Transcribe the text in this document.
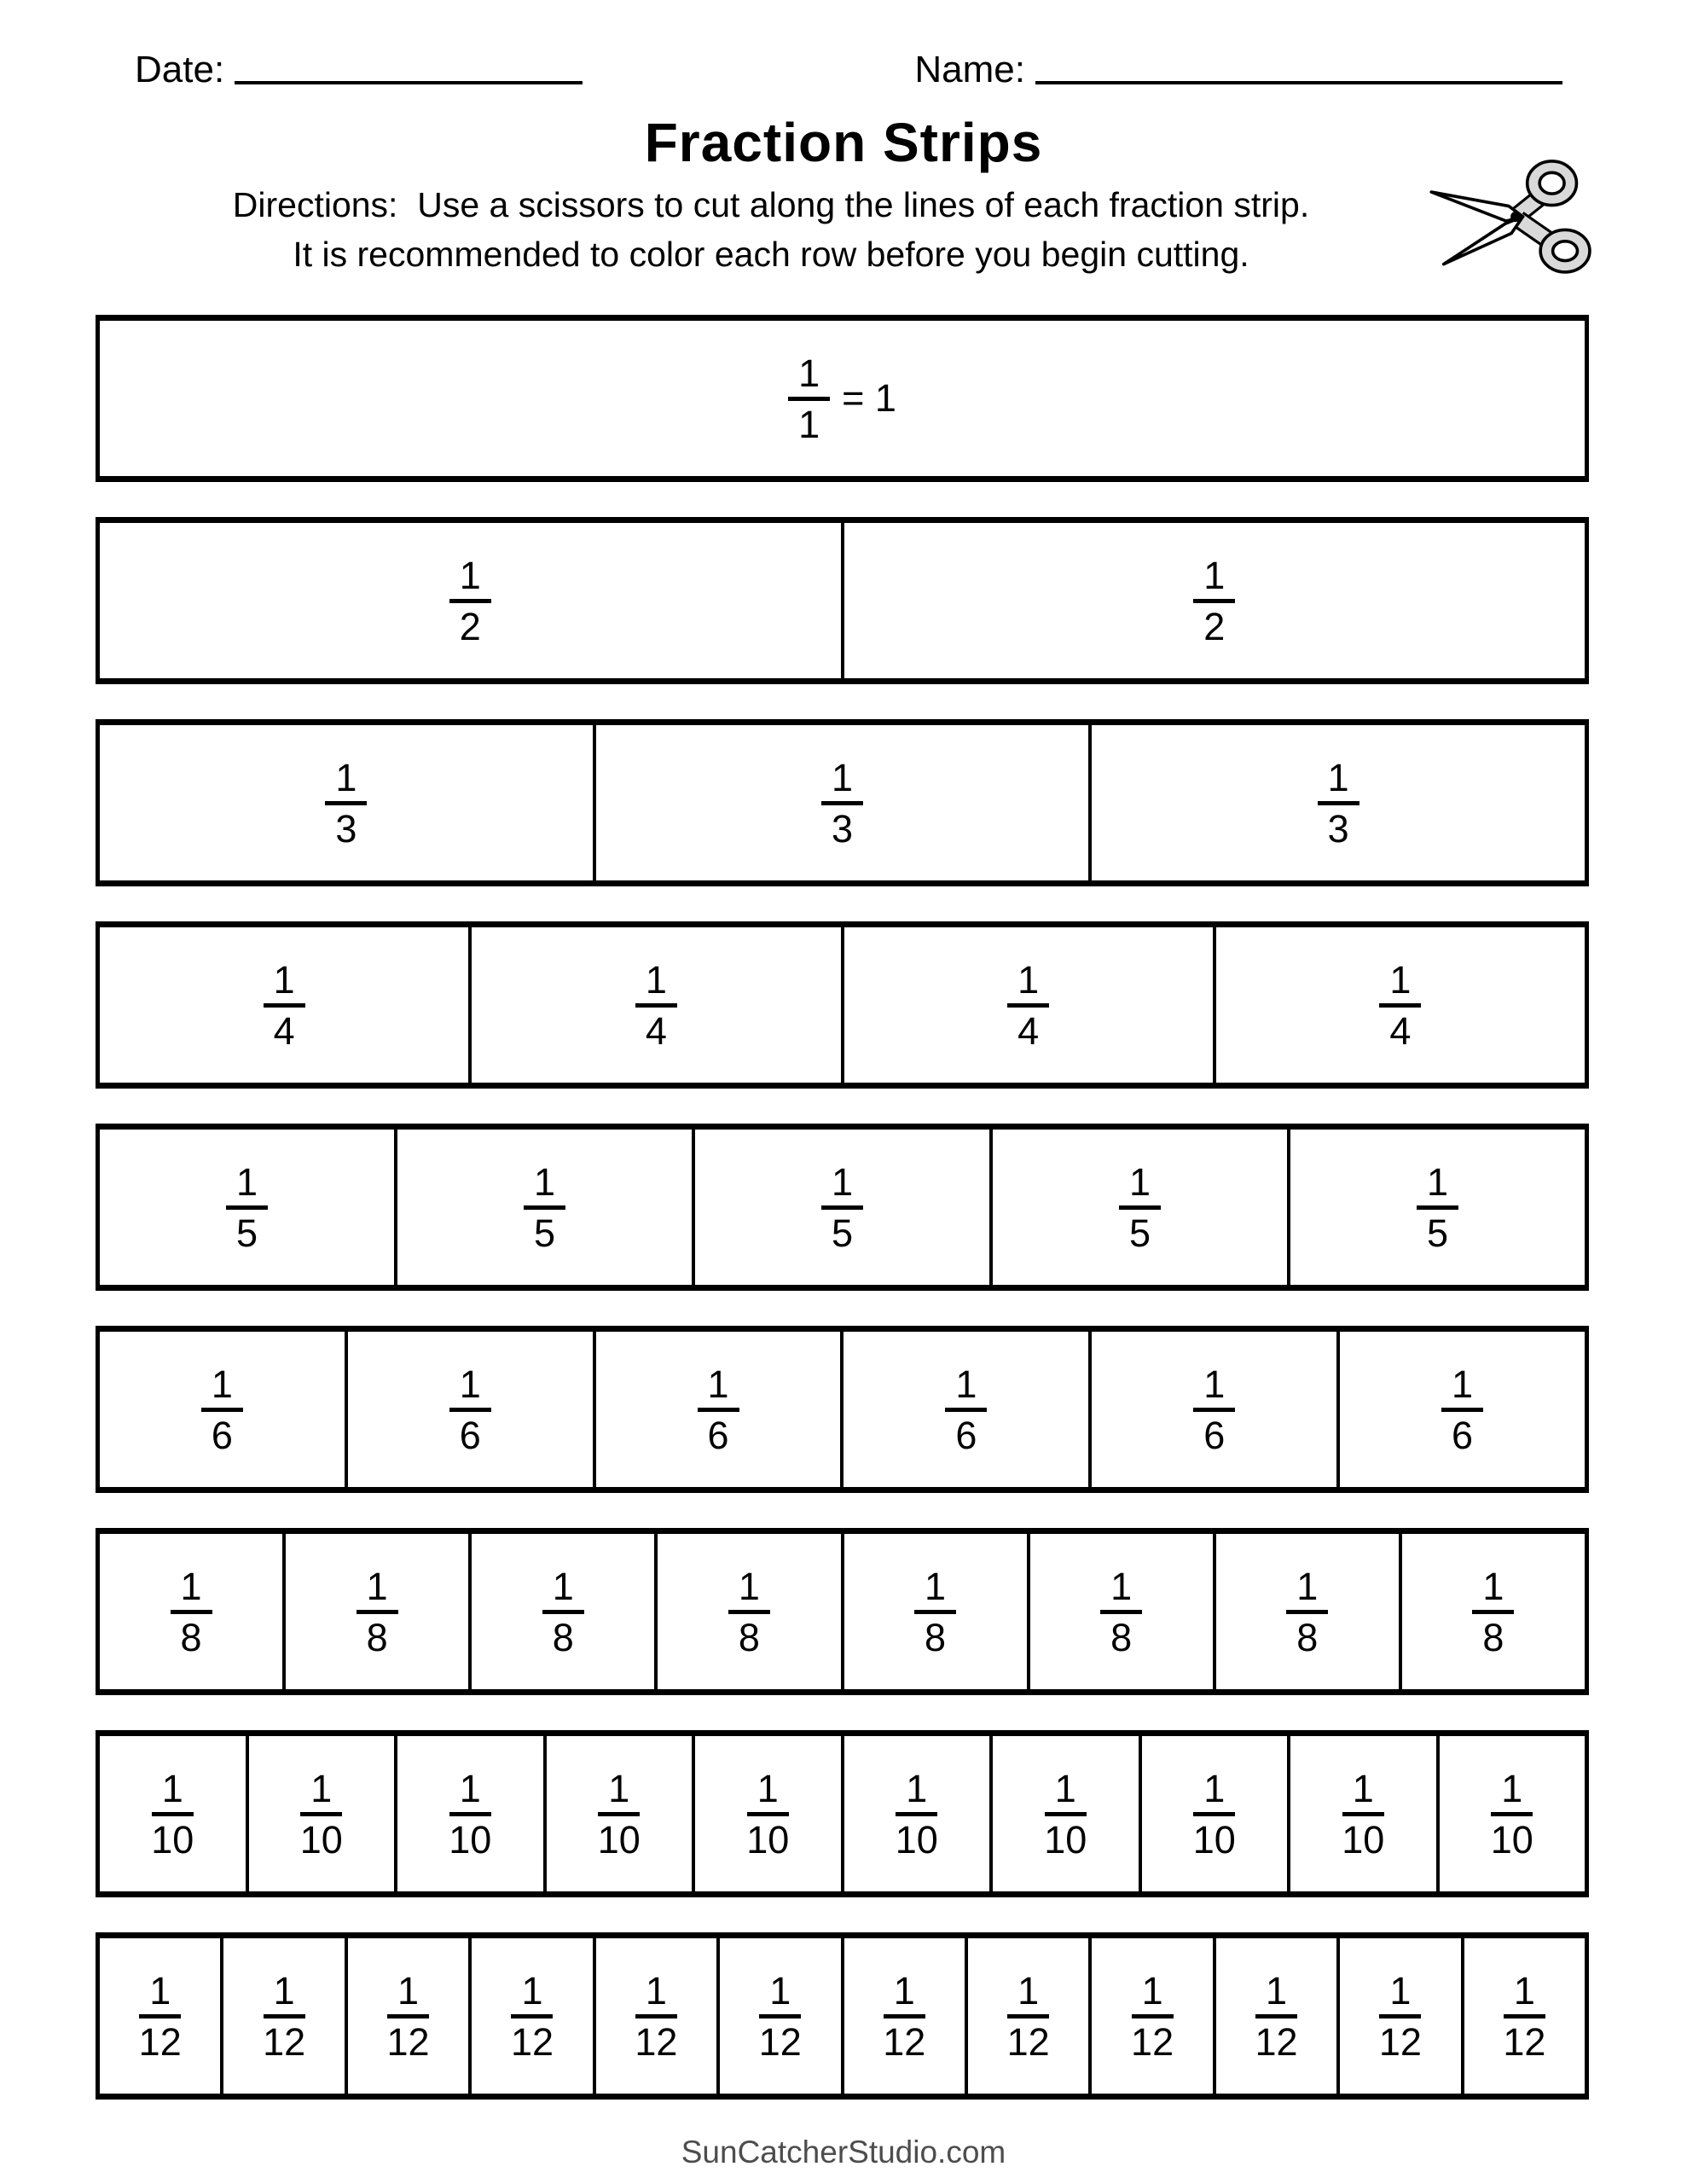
Date:	Name:
Fraction Strips
Directions:  Use a scissors to cut along the lines of each fraction strip.
It is recommended to color each row before you begin cutting.
$\frac{1}{1} = 1$
$\frac{1}{2}$	$\frac{1}{2}$
$\frac{1}{3}$	$\frac{1}{3}$	$\frac{1}{3}$
$\frac{1}{4}$	$\frac{1}{4}$	$\frac{1}{4}$	$\frac{1}{4}$
$\frac{1}{5}$	$\frac{1}{5}$	$\frac{1}{5}$	$\frac{1}{5}$	$\frac{1}{5}$
$\frac{1}{6}$	$\frac{1}{6}$	$\frac{1}{6}$	$\frac{1}{6}$	$\frac{1}{6}$	$\frac{1}{6}$
$\frac{1}{8}$	$\frac{1}{8}$	$\frac{1}{8}$	$\frac{1}{8}$	$\frac{1}{8}$	$\frac{1}{8}$	$\frac{1}{8}$	$\frac{1}{8}$
$\frac{1}{10}$	$\frac{1}{10}$	$\frac{1}{10}$	$\frac{1}{10}$	$\frac{1}{10}$	$\frac{1}{10}$	$\frac{1}{10}$	$\frac{1}{10}$	$\frac{1}{10}$	$\frac{1}{10}$
$\frac{1}{12} \frac{1}{12} \frac{1}{12} \frac{1}{12} \frac{1}{12} \frac{1}{12} \frac{1}{12} \frac{1}{12} \frac{1}{12} \frac{1}{12} \frac{1}{12} \frac{1}{12}$
SunCatcherStudio.com
